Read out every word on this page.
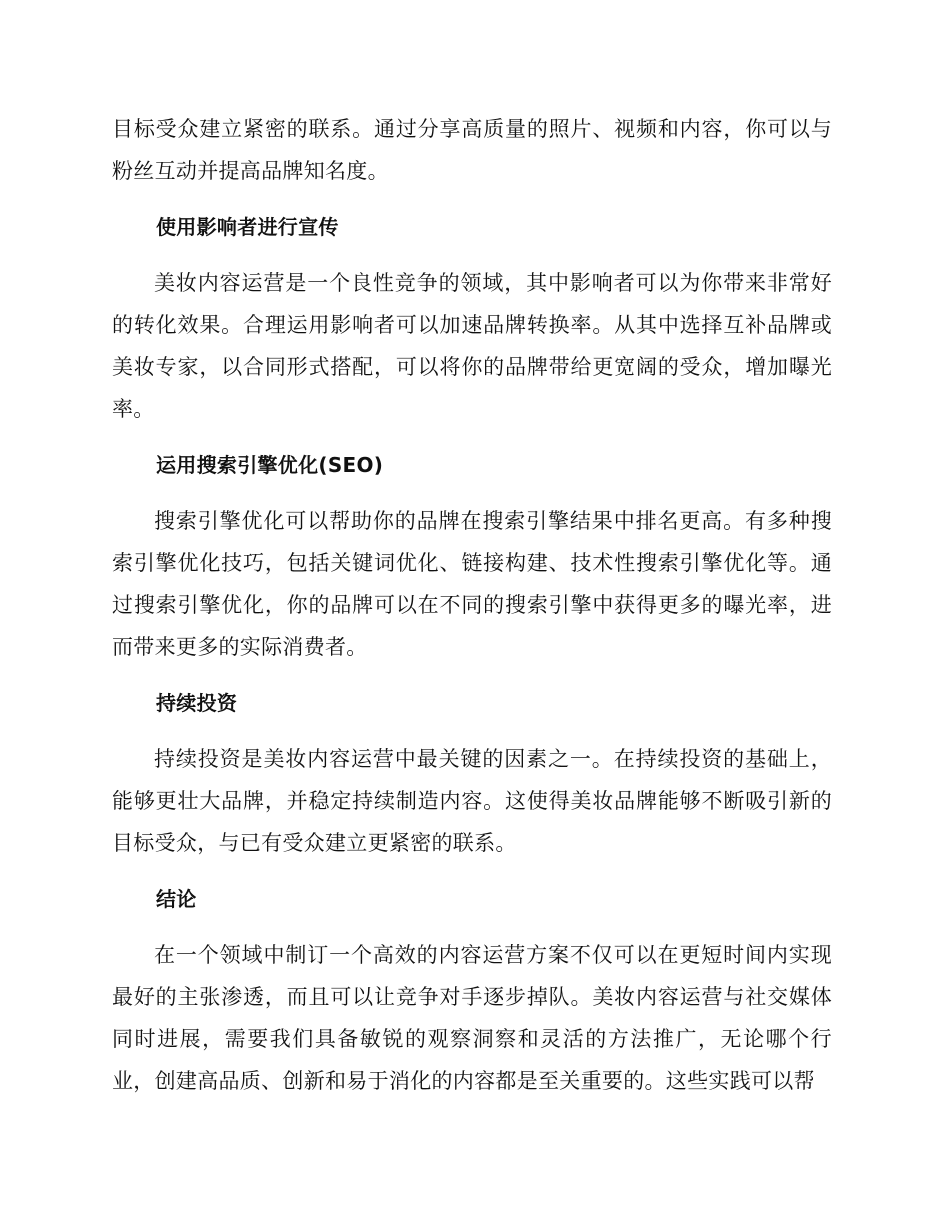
目标受众建立紧密的联系。通过分享高质量的照片、视频和内容，你可以与粉丝互动并提高品牌知名度。

使用影响者进行宣传

美妆内容运营是一个良性竞争的领域，其中影响者可以为你带来非常好的转化效果。合理运用影响者可以加速品牌转换率。从其中选择互补品牌或美妆专家，以合同形式搭配，可以将你的品牌带给更宽阔的受众，增加曝光率。

运用搜索引擎优化(SEO)

搜索引擎优化可以帮助你的品牌在搜索引擎结果中排名更高。有多种搜索引擎优化技巧，包括关键词优化、链接构建、技术性搜索引擎优化等。通过搜索引擎优化，你的品牌可以在不同的搜索引擎中获得更多的曝光率，进而带来更多的实际消费者。

持续投资

持续投资是美妆内容运营中最关键的因素之一。在持续投资的基础上，能够更壮大品牌，并稳定持续制造内容。这使得美妆品牌能够不断吸引新的目标受众，与已有受众建立更紧密的联系。

结论

在一个领域中制订一个高效的内容运营方案不仅可以在更短时间内实现最好的主张渗透，而且可以让竞争对手逐步掉队。美妆内容运营与社交媒体同时进展，需要我们具备敏锐的观察洞察和灵活的方法推广，无论哪个行业，创建高品质、创新和易于消化的内容都是至关重要的。这些实践可以帮
